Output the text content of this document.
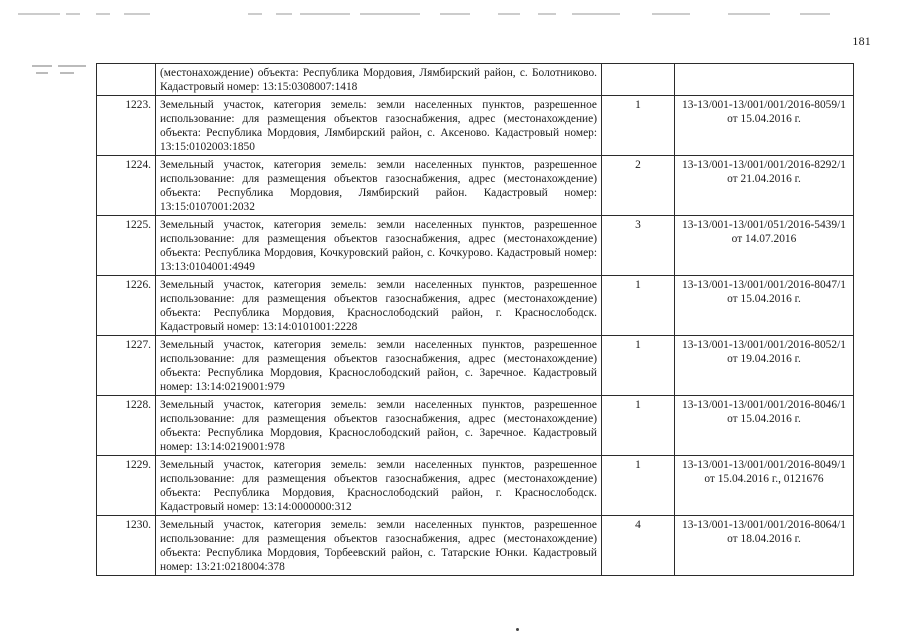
181
	(местонахождение) объекта: Республика Мордовия, Лямбирский район, с. Болотниково. Кадастровый номер: 13:15:0308007:1418		
1223.	Земельный участок, категория земель: земли населенных пунктов, разрешенное использование: для размещения объектов газоснабжения, адрес (местонахождение) объекта: Республика Мордовия, Лямбирский район, с. Аксеново. Кадастровый номер: 13:15:0102003:1850	1	13-13/001-13/001/001/2016-8059/1 от 15.04.2016 г.
1224.	Земельный участок, категория земель: земли населенных пунктов, разрешенное использование: для размещения объектов газоснабжения, адрес (местонахождение) объекта: Республика Мордовия, Лямбирский район. Кадастровый номер: 13:15:0107001:2032	2	13-13/001-13/001/001/2016-8292/1 от 21.04.2016 г.
1225.	Земельный участок, категория земель: земли населенных пунктов, разрешенное использование: для размещения объектов газоснабжения, адрес (местонахождение) объекта: Республика Мордовия, Кочкуровский район, с. Кочкурово. Кадастровый номер: 13:13:0104001:4949	3	13-13/001-13/001/051/2016-5439/1 от 14.07.2016
1226.	Земельный участок, категория земель: земли населенных пунктов, разрешенное использование: для размещения объектов газоснабжения, адрес (местонахождение) объекта: Республика Мордовия, Краснослободский район, г. Краснослободск. Кадастровый номер: 13:14:0101001:2228	1	13-13/001-13/001/001/2016-8047/1 от 15.04.2016 г.
1227.	Земельный участок, категория земель: земли населенных пунктов, разрешенное использование: для размещения объектов газоснабжения, адрес (местонахождение) объекта: Республика Мордовия, Краснослободский район, с. Заречное. Кадастровый номер: 13:14:0219001:979	1	13-13/001-13/001/001/2016-8052/1 от 19.04.2016 г.
1228.	Земельный участок, категория земель: земли населенных пунктов, разрешенное использование: для размещения объектов газоснабжения, адрес (местонахождение) объекта: Республика Мордовия, Краснослободский район, с. Заречное. Кадастровый номер: 13:14:0219001:978	1	13-13/001-13/001/001/2016-8046/1 от 15.04.2016 г.
1229.	Земельный участок, категория земель: земли населенных пунктов, разрешенное использование: для размещения объектов газоснабжения, адрес (местонахождение) объекта: Республика Мордовия, Краснослободский район, г. Краснослободск. Кадастровый номер: 13:14:0000000:312	1	13-13/001-13/001/001/2016-8049/1 от 15.04.2016 г., 0121676
1230.	Земельный участок, категория земель: земли населенных пунктов, разрешенное использование: для размещения объектов газоснабжения, адрес (местонахождение) объекта: Республика Мордовия, Торбеевский район, с. Татарские Юнки. Кадастровый номер: 13:21:0218004:378	4	13-13/001-13/001/001/2016-8064/1 от 18.04.2016 г.
